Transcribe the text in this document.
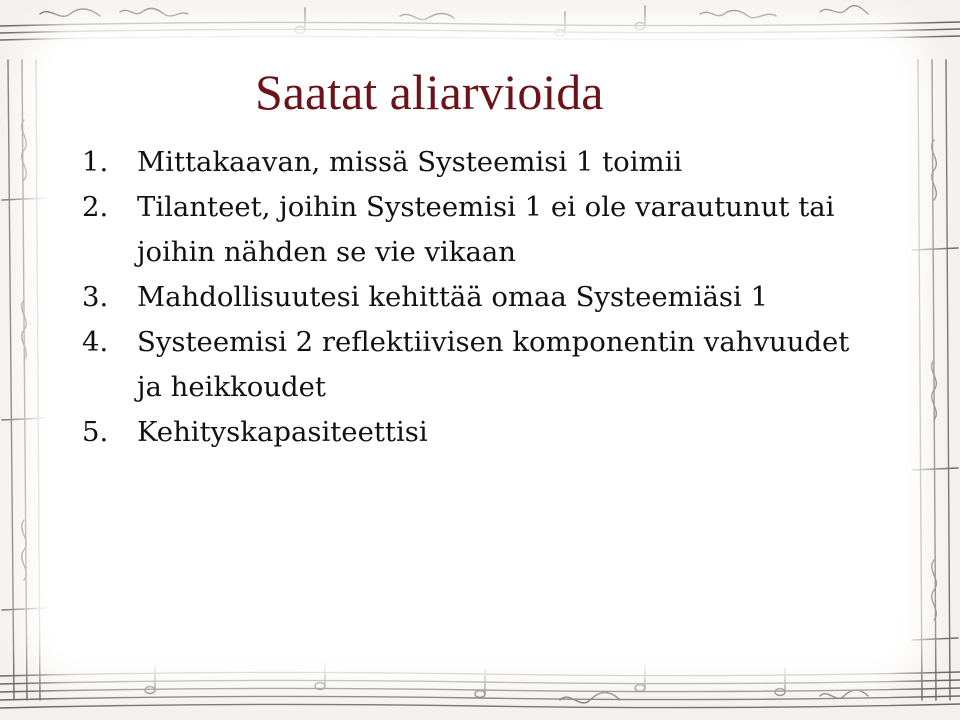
Saatat aliarvioida
1.	Mittakaavan, missä Systeemisi 1 toimii
2.	Tilanteet, joihin Systeemisi 1 ei ole varautunut tai joihin nähden se vie vikaan
3.	Mahdollisuutesi kehittää omaa Systeemiäsi 1
4.	Systeemisi 2 reflektiivisen komponentin vahvuudet ja heikkoudet
5.	Kehityskapasiteettisi
